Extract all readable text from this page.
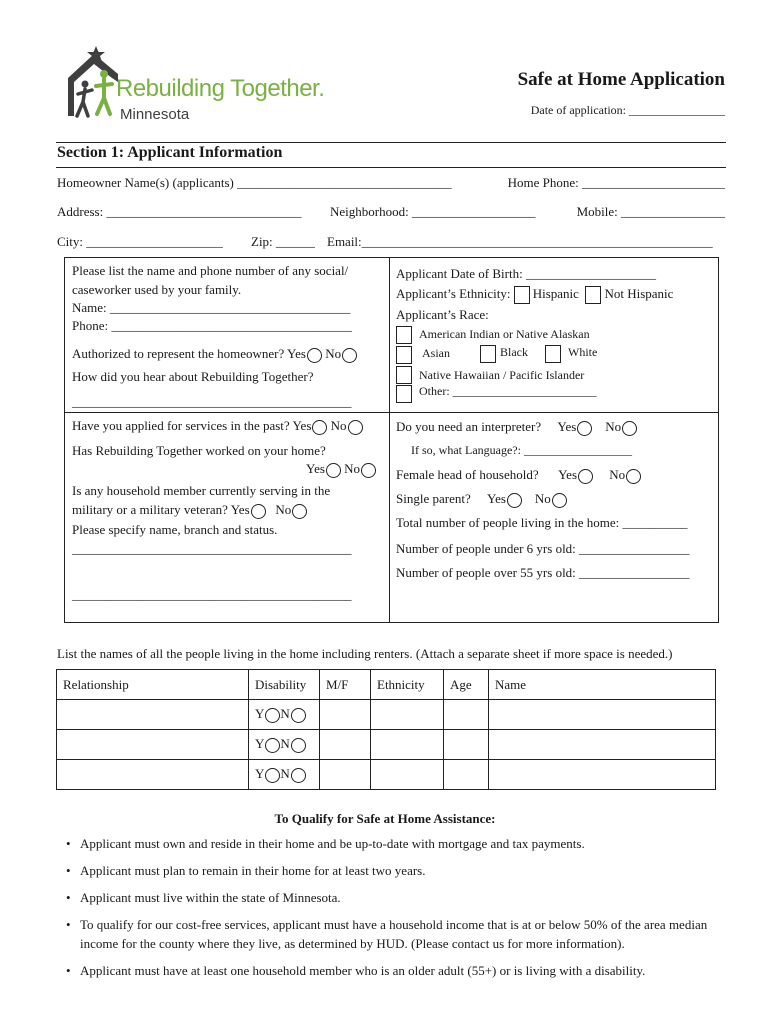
Rebuilding Together.
Minnesota
Safe at Home Application
Date of application: ________________
Section 1: Applicant Information
Homeowner Name(s) (applicants) _________________________________	Home Phone: ______________________
Address: ______________________________ Neighborhood: ___________________	Mobile: ________________
City: _____________________ Zip: ______ Email:______________________________________________________
Please list the name and phone number of any social/
caseworker used by your family.
Name: _____________________________________
Phone: _____________________________________
Authorized to represent the homeowner? Yes No
How did you hear about Rebuilding Together?
___________________________________________
Have you applied for services in the past? Yes No
Has Rebuilding Together worked on your home?
Yes No
Is any household member currently serving in the
military or a military veteran? Yes No
Please specify name, branch and status.
___________________________________________
___________________________________________
Applicant Date of Birth: ____________________
Applicant’s Ethnicity: Hispanic Not Hispanic
Applicant’s Race:
American Indian or Native Alaskan
Asian	Black	White
Native Hawaiian / Pacific Islander
Other: ________________________
Do you need an interpreter? Yes No
If so, what Language?: __________________
Female head of household? Yes No
Single parent? Yes No
Total number of people living in the home: __________
Number of people under 6 yrs old: _________________
Number of people over 55 yrs old: _________________
List the names of all the people living in the home including renters. (Attach a separate sheet if more space is needed.)
Relationship	Disability	M/F	Ethnicity	Age	Name
	Y N				
	Y N				
	Y N				
To Qualify for Safe at Home Assistance:
• Applicant must own and reside in their home and be up-to-date with mortgage and tax payments.
• Applicant must plan to remain in their home for at least two years.
• Applicant must live within the state of Minnesota.
• To qualify for our cost-free services, applicant must have a household income that is at or below 50% of the area median income for the county where they live, as determined by HUD. (Please contact us for more information).
• Applicant must have at least one household member who is an older adult (55+) or is living with a disability.
